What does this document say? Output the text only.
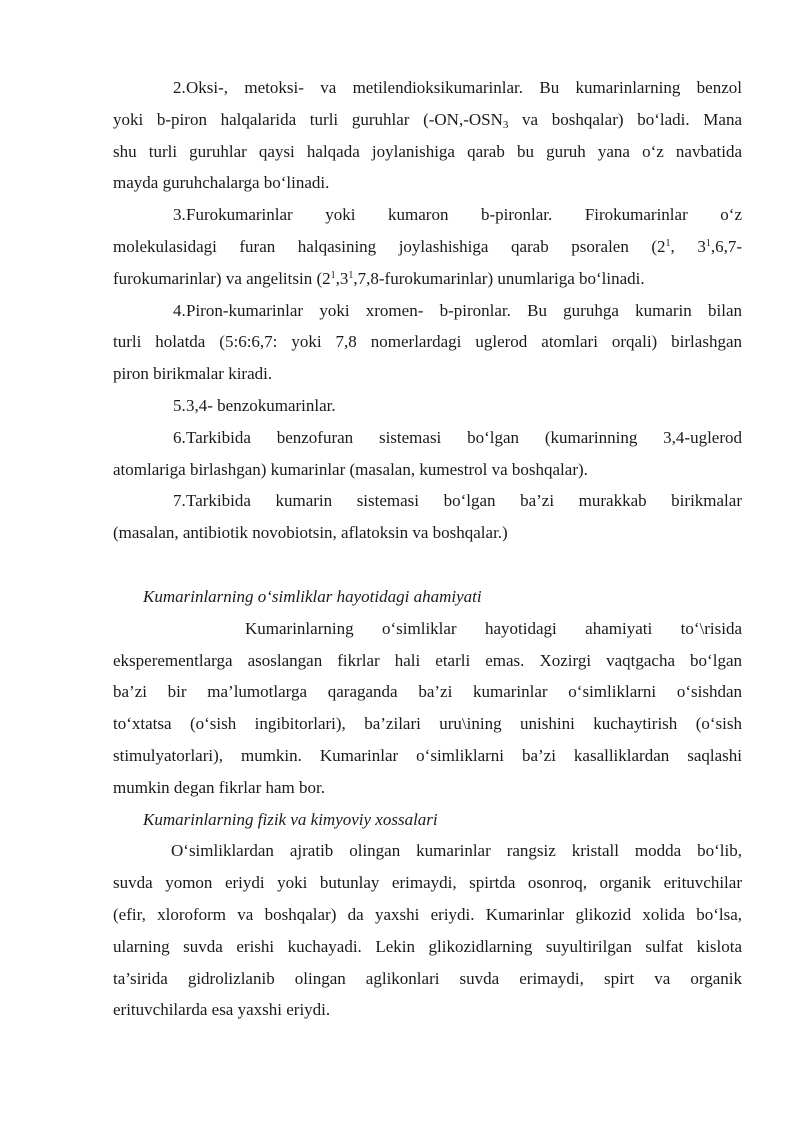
2.Oksi-, metoksi- va metilendioksikumarinlar. Bu kumarinlarning benzol

yoki b-piron halqalarida turli guruhlar ($-ON,-OSN_3$ va boshqalar) bo‘ladi. Mana

shu turli guruhlar qaysi halqada joylanishiga qarab bu guruh yana o‘z navbatida

mayda guruhchalarga bo‘linadi.

3.Furokumarinlar yoki kumaron b-pironlar. Firokumarinlar o‘z

molekulasidagi furan halqasining joylashishiga qarab psoralen ($2^1$, $3^1,6,7-$

furokumarinlar) va angelitsin $(2^1,3^1,7,8-furokumarinlar)$ unumlariga bo‘linadi.

4.Piron-kumarinlar yoki xromen- b-pironlar. Bu guruhga kumarin bilan

turli holatda (5:6:6,7: yoki 7,8 nomerlardagi uglerod atomlari orqali) birlashgan

piron birikmalar kiradi.

5.3,4- benzokumarinlar.

6.Tarkibida benzofuran sistemasi bo‘lgan (kumarinning 3,4-uglerod

atomlariga birlashgan) kumarinlar (masalan, kumestrol va boshqalar).

7.Tarkibida kumarin sistemasi bo‘lgan ba’zi murakkab birikmalar

(masalan, antibiotik novobiotsin, aflatoksin va boshqalar.)

Kumarinlarning o‘simliklar hayotidagi ahamiyati

Kumarinlarning o‘simliklar hayotidagi ahamiyati to‘\risida

eksperementlarga asoslangan fikrlar hali etarli emas. Xozirgi vaqtgacha bo‘lgan

ba’zi bir ma’lumotlarga qaraganda ba’zi kumarinlar o‘simliklarni o‘sishdan

to‘xtatsa (o‘sish ingibitorlari), ba’zilari uru\ining unishini kuchaytirish (o‘sish

stimulyatorlari), mumkin. Kumarinlar o‘simliklarni ba’zi kasalliklardan saqlashi

mumkin degan fikrlar ham bor.

Kumarinlarning fizik va kimyoviy xossalari

O‘simliklardan ajratib olingan kumarinlar rangsiz kristall modda bo‘lib,

suvda yomon eriydi yoki butunlay erimaydi, spirtda osonroq, organik erituvchilar

(efir, xloroform va boshqalar) da yaxshi eriydi. Kumarinlar glikozid xolida bo‘lsa,

ularning suvda erishi kuchayadi. Lekin glikozidlarning suyultirilgan sulfat kislota

ta’sirida gidrolizlanib olingan aglikonlari suvda erimaydi, spirt va organik

erituvchilarda esa yaxshi eriydi.
